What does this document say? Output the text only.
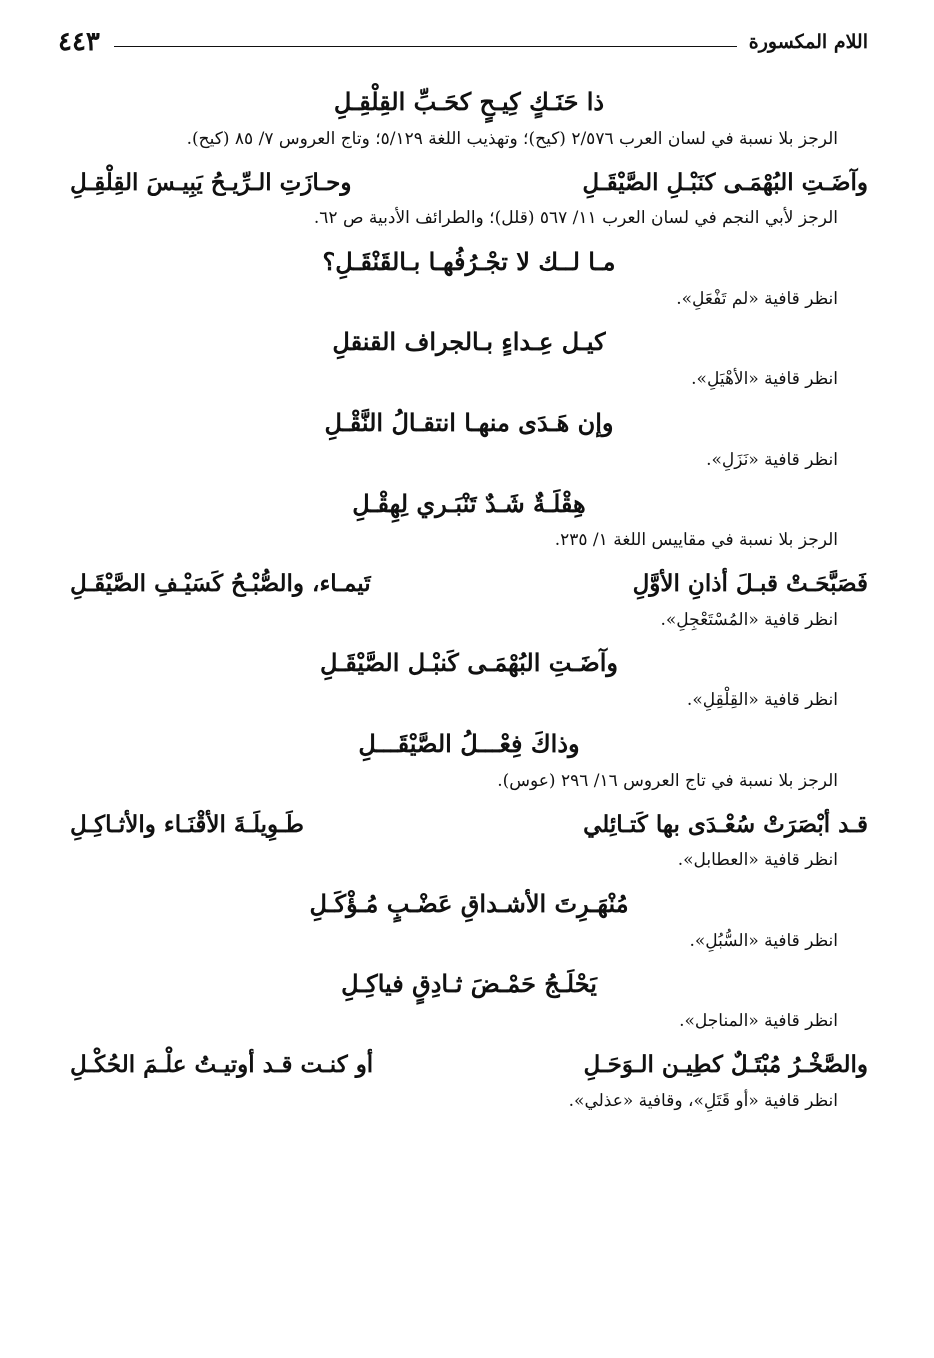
٤٤٣	اللام المكسورة
ذا حَنَـكٍ كِيـحٍ كحَـبِّ القِلْقِـلِ
الرجز بلا نسبة في لسان العرب ٢/٥٧٦ (كيح)؛ وتهذيب اللغة ٥/١٢٩؛ وتاج العروس ٧/ ٨٥ (كيح).
وآضَـتِ البُهْمَـى كنَبْـلِ الصَّيْقَـلِ
وحـازَتِ الـرِّيـحُ يَبِيـسَ القِلْقِـلِ
الرجز لأبي النجم في لسان العرب ١١/ ٥٦٧ (قلل)؛ والطرائف الأدبية ص ٦٢.
مـا لــك لا تجْـرُفُهـا بـالقَنْقَـلِ؟
انظر قافية «لم تَفْعَلِ».
كيـل عِـداءٍ بـالجراف القنقلِ
انظر قافية «الأهْيَلِ».
وإن هَـدَى منهـا انتقـالُ النَّقْـلِ
انظر قافية «نَزَلِ».
هِقْلَـةٌ شَـدٌ تَنْبَـري لِهِقْـلِ
الرجز بلا نسبة في مقاييس اللغة ١/ ٢٣٥.
فَصَبَّحَـتْ قبـلَ أذانِ الأوَّلِ
تَيمـاء، والصُّبْـحُ كَسَيْـفِ الصَّيْقَـلِ
انظر قافية «المُسْتَعْجِلِ».
وآضَـتِ البُهْمَـى كَنبْـل الصَّيْقَـلِ
انظر قافية «القِلْقِلِ».
وذاكَ فِعْـــلُ الصَّيْقَـــلِ
الرجز بلا نسبة في تاج العروس ١٦/ ٢٩٦ (عوس).
قـد أبْصَرَتْ سُعْـدَى بها كَتـائِلي
طَـوِيلَـةَ الأقْنَـاء والأثـاكِـلِ
انظر قافية «العطابل».
مُنْهَـرِتَ الأشـداقِ عَضْـبٍ مُـؤْكَـلِ
انظر قافية «السُّبُلِ».
يَحْلَـجُ حَمْـضَ ثـادِقٍ فياكِـلِ
انظر قافية «المناجل».
والصَّخْـرُ مُبْتَـلٌ كطِيـن الـوَحَـلِ
أو كنـت قـد أوتيـتُ علْـمَ الحُكْـلِ
انظر قافية «أو قَتَلِ»، وقافية «عذلي».
